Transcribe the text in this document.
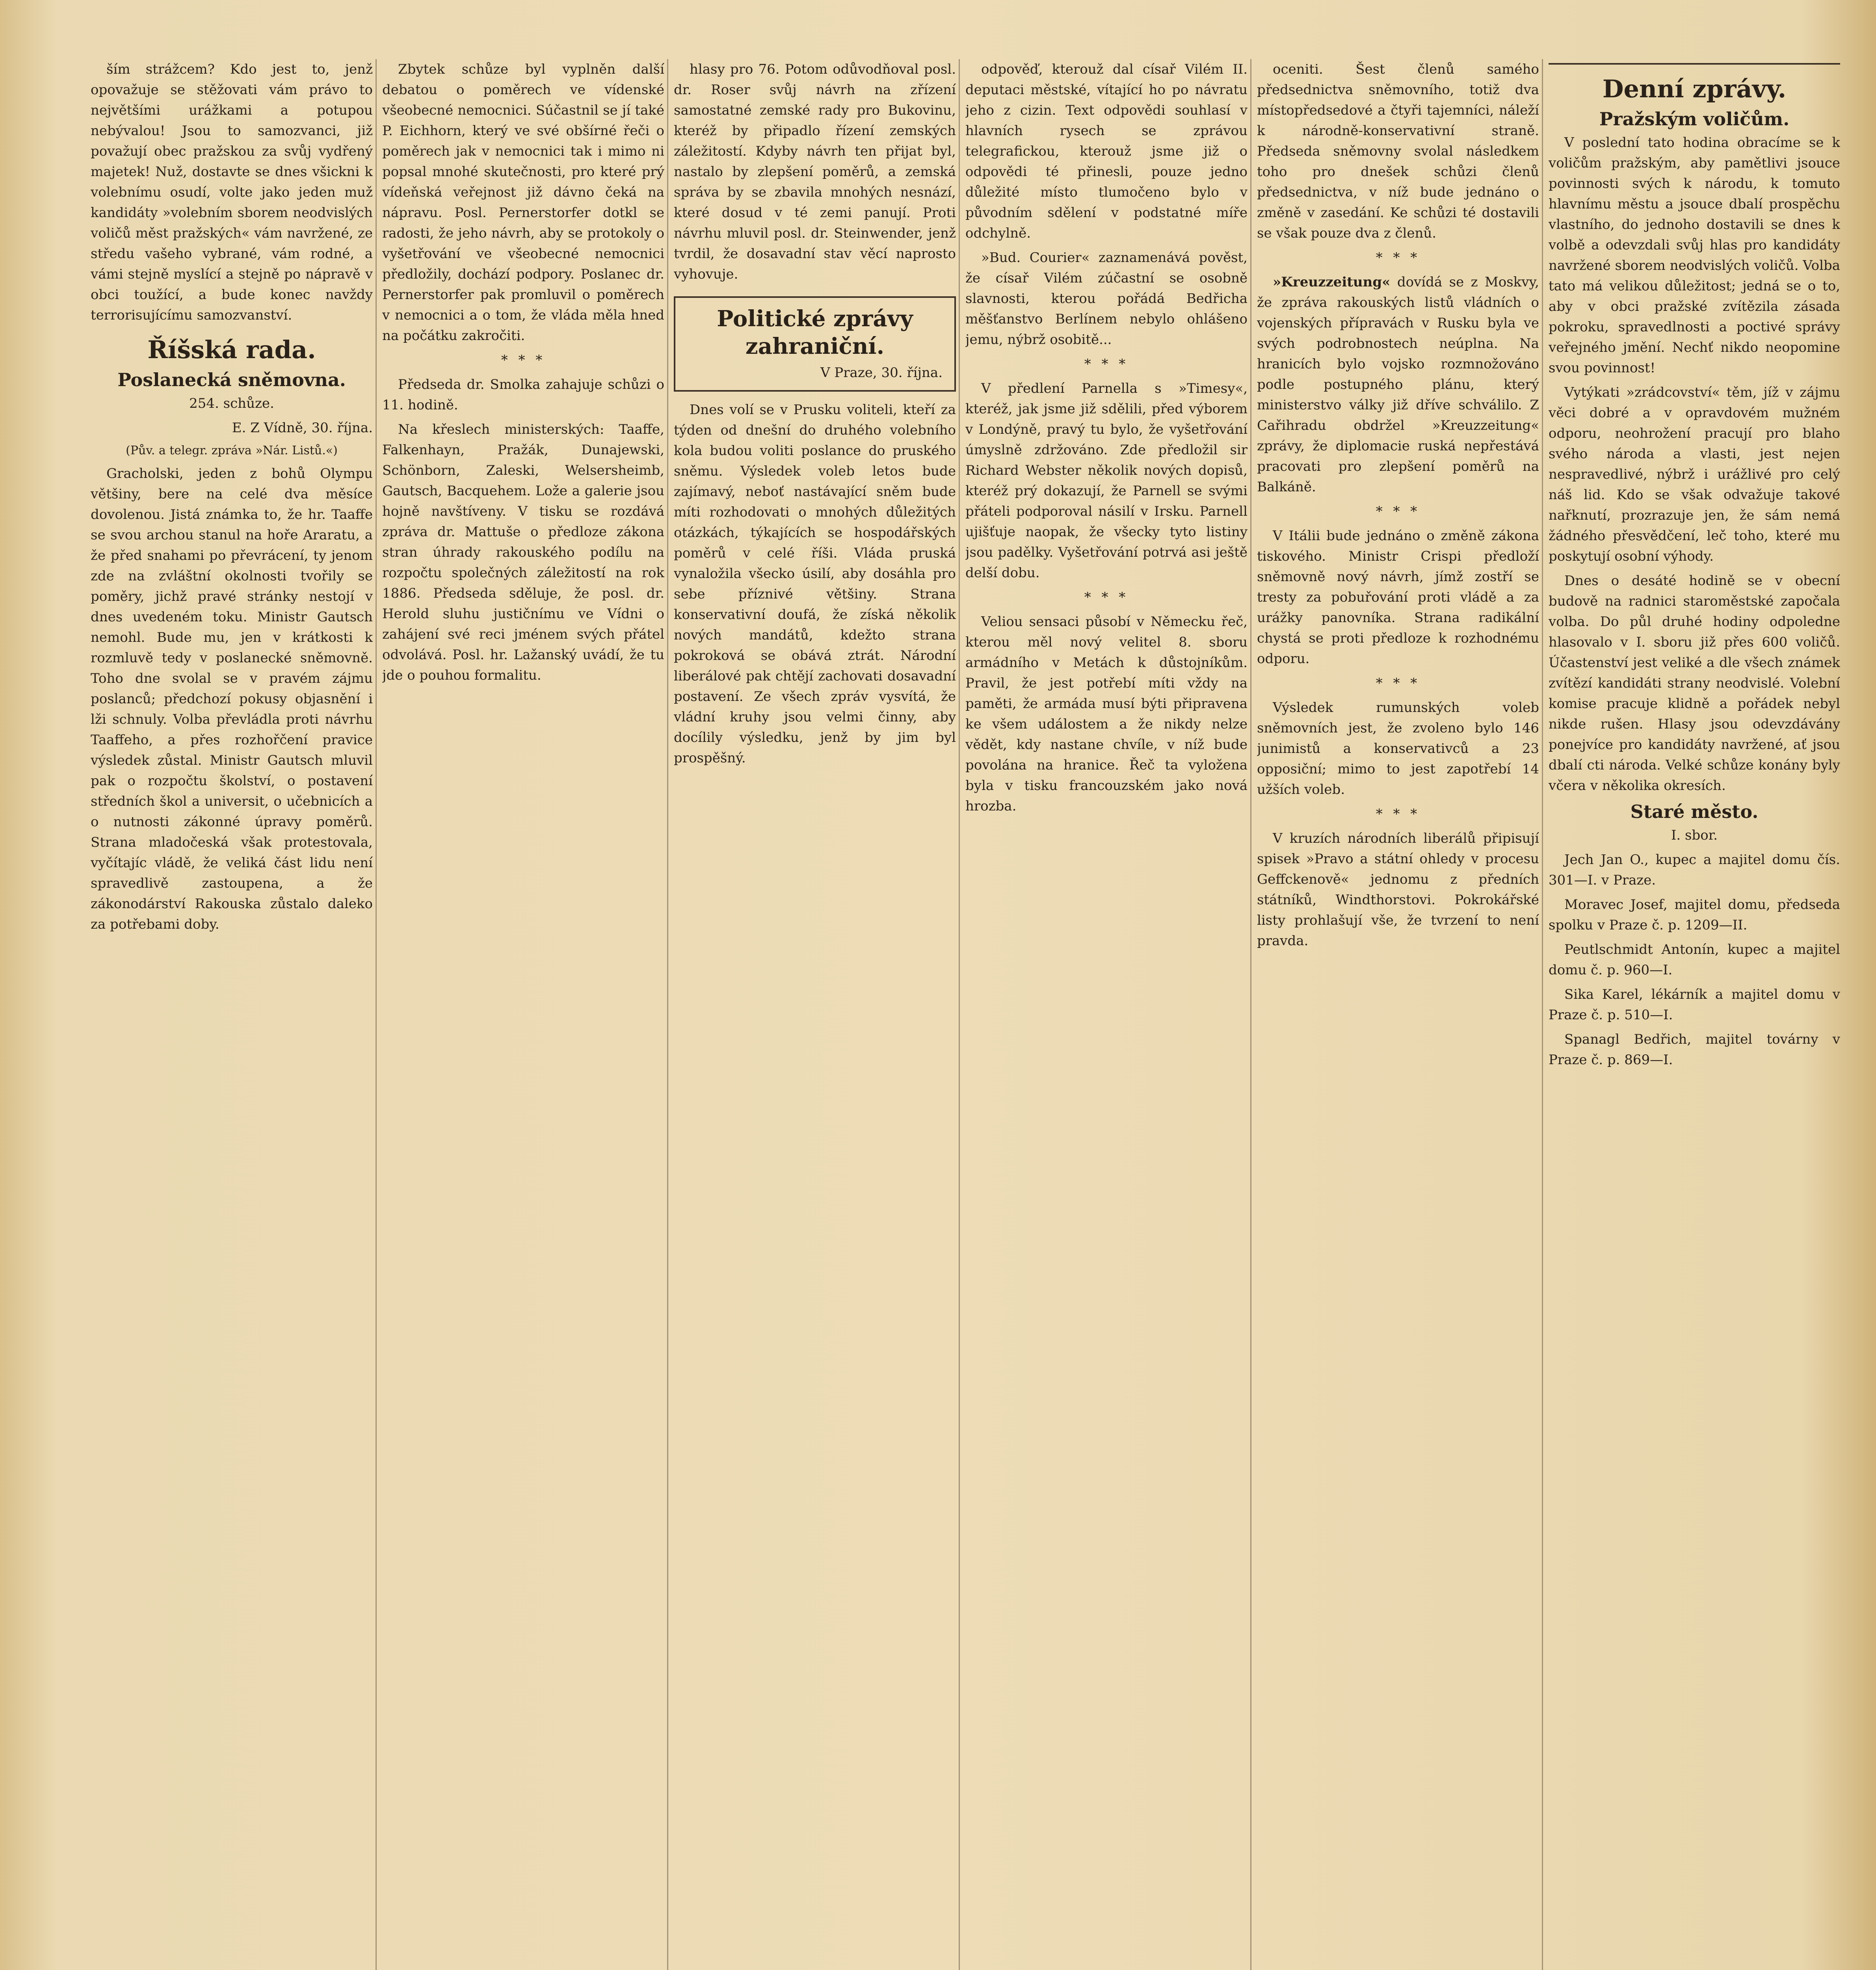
ším strážcem? Kdo jest to, jenž opovažuje se stěžovati vám právo to největšími urážkami a potupou nebývalou! Jsou to samozvanci, již považují obec pražskou za svůj vydřený majetek! Nuž, dostavte se dnes všickni k volebnímu osudí, volte jako jeden muž kandidáty »volebním sborem neodvislých voličů měst pražských« vám navržené, ze středu vašeho vybrané, vám rodné, a vámi stejně myslící a stejně po nápravě v obci toužící, a bude konec navždy terrorisujícímu samozvanství.

Říšská rada.
Poslanecká sněmovna.

254. schůze.

E. Z Vídně, 30. října.

(Pův. a telegr. zpráva »Nár. Listů.«)

Gracholski, jeden z bohů Olympu většiny, bere na celé dva měsíce dovolenou. Jistá známka to, že hr. Taaffe se svou archou stanul na hoře Araratu, a že před snahami po převrácení, ty jenom zde na zvláštní okolnosti tvořily se poměry, jichž pravé stránky nestojí v dnes uvedeném toku. Ministr Gautsch nemohl. Bude mu, jen v krátkosti k rozmluvě tedy v poslanecké sněmovně. Toho dne svolal se v pravém zájmu poslanců; předchozí pokusy objasnění i lži schnuly. Volba převládla proti návrhu Taaffeho, a přes rozhořčení pravice výsledek zůstal. Ministr Gautsch mluvil pak o rozpočtu školství, o postavení středních škol a universit, o učebnicích a o nutnosti zákonné úpravy poměrů. Strana mladočeská však protestovala, vyčítajíc vládě, že veliká část lidu není spravedlivě zastoupena, a že zákonodárství Rakouska zůstalo daleko za potřebami doby.

Zbytek schůze byl vyplněn další debatou o poměrech ve vídenské všeobecné nemocnici. Súčastnil se jí také P. Eichhorn, který ve své obšírné řeči o poměrech jak v nemocnici tak i mimo ni popsal mnohé skutečnosti, pro které prý vídeňská veřejnost již dávno čeká na nápravu. Posl. Pernerstorfer dotkl se radosti, že jeho návrh, aby se protokoly o vyšetřování ve všeobecné nemocnici předložily, dochází podpory. Poslanec dr. Pernerstorfer pak promluvil o poměrech v nemocnici a o tom, že vláda měla hned na počátku zakročiti.

* * *

Předseda dr. Smolka zahajuje schůzi o 11. hodině.

Na křeslech ministerských: Taaffe, Falkenhayn, Pražák, Dunajewski, Schönborn, Zaleski, Welsersheimb, Gautsch, Bacquehem. Lože a galerie jsou hojně navštíveny. V tisku se rozdává zpráva dr. Mattuše o předloze zákona stran úhrady rakouského podílu na rozpočtu společných záležitostí na rok 1886. Předseda sděluje, že posl. dr. Herold sluhu justičnímu ve Vídni o zahájení své reci jménem svých přátel odvolává. Posl. hr. Lažanský uvádí, že tu jde o pouhou formalitu.

hlasy pro 76. Potom odůvodňoval posl. dr. Roser svůj návrh na zřízení samostatné zemské rady pro Bukovinu, kteréž by připadlo řízení zemských záležitostí. Kdyby návrh ten přijat byl, nastalo by zlepšení poměrů, a zemská správa by se zbavila mnohých nesnází, které dosud v té zemi panují. Proti návrhu mluvil posl. dr. Steinwender, jenž tvrdil, že dosavadní stav věcí naprosto vyhovuje.

Politické zprávy zahraniční.

V Praze, 30. října.

Dnes volí se v Prusku voliteli, kteří za týden od dnešní do druhého volebního kola budou voliti poslance do pruského sněmu. Výsledek voleb letos bude zajímavý, neboť nastávající sněm bude míti rozhodovati o mnohých důležitých otázkách, týkajících se hospodářských poměrů v celé říši. Vláda pruská vynaložila všecko úsilí, aby dosáhla pro sebe příznivé většiny. Strana konservativní doufá, že získá několik nových mandátů, kdežto strana pokroková se obává ztrát. Národní liberálové pak chtějí zachovati dosavadní postavení. Ze všech zpráv vysvítá, že vládní kruhy jsou velmi činny, aby docílily výsledku, jenž by jim byl prospěšný.

odpověď, kterouž dal císař Vilém II. deputaci městské, vítající ho po návratu jeho z cizin. Text odpovědi souhlasí v hlavních rysech se zprávou telegrafickou, kterouž jsme již o odpovědi té přinesli, pouze jedno důležité místo tlumočeno bylo v původním sdělení v podstatné míře odchylně.

»Bud. Courier« zaznamenává pověst, že císař Vilém zúčastní se osobně slavnosti, kterou pořádá Bedřicha měšťanstvo Berlínem nebylo ohlášeno jemu, nýbrž osobitě...

* * *

V předlení Parnella s »Timesy«, kteréž, jak jsme již sdělili, před výborem v Londýně, pravý tu bylo, že vyšetřování úmyslně zdržováno. Zde předložil sir Richard Webster několik nových dopisů, kteréž prý dokazují, že Parnell se svými přáteli podporoval násilí v Irsku. Parnell ujišťuje naopak, že všecky tyto listiny jsou padělky. Vyšetřování potrvá asi ještě delší dobu.

* * *

Veliou sensaci působí v Německu řeč, kterou měl nový velitel 8. sboru armádního v Metách k důstojníkům. Pravil, že jest potřebí míti vždy na paměti, že armáda musí býti připravena ke všem událostem a že nikdy nelze vědět, kdy nastane chvíle, v níž bude povolána na hranice. Řeč ta vyložena byla v tisku francouzském jako nová hrozba.

oceniti. Šest členů samého předsednictva sněmovního, totiž dva místopředsedové a čtyři tajemníci, náleží k národně-konservativní straně. Předseda sněmovny svolal následkem toho pro dnešek schůzi členů předsednictva, v níž bude jednáno o změně v zasedání. Ke schůzi té dostavili se však pouze dva z členů.

* * *

»Kreuzzeitung« dovídá se z Moskvy, že zpráva rakouských listů vládních o vojenských přípravách v Rusku byla ve svých podrobnostech neúplna. Na hranicích bylo vojsko rozmnožováno podle postupného plánu, který ministerstvo války již dříve schválilo. Z Cařihradu obdržel »Kreuzzeitung« zprávy, že diplomacie ruská nepřestává pracovati pro zlepšení poměrů na Balkáně.

* * *

V Itálii bude jednáno o změně zákona tiskového. Ministr Crispi předloží sněmovně nový návrh, jímž zostří se tresty za pobuřování proti vládě a za urážky panovníka. Strana radikální chystá se proti předloze k rozhodnému odporu.

* * *

Výsledek rumunských voleb sněmovních jest, že zvoleno bylo 146 junimistů a konservativců a 23 opposiční; mimo to jest zapotřebí 14 užších voleb.

* * *

V kruzích národních liberálů připisují spisek »Pravo a státní ohledy v procesu Geffckenově« jednomu z předních státníků, Windthorstovi. Pokrokářské listy prohlašují vše, že tvrzení to není pravda.

Denní zprávy.
Pražským voličům.

V poslední tato hodina obracíme se k voličům pražským, aby pamětlivi jsouce povinnosti svých k národu, k tomuto hlavnímu městu a jsouce dbalí prospěchu vlastního, do jednoho dostavili se dnes k volbě a odevzdali svůj hlas pro kandidáty navržené sborem neodvislých voličů. Volba tato má velikou důležitost; jedná se o to, aby v obci pražské zvítězila zásada pokroku, spravedlnosti a poctivé správy veřejného jmění. Nechť nikdo neopomine svou povinnost!

Vytýkati »zrádcovství« těm, jíž v zájmu věci dobré a v opravdovém mužném odporu, neohrožení pracují pro blaho svého národa a vlasti, jest nejen nespravedlivé, nýbrž i urážlivé pro celý náš lid. Kdo se však odvažuje takové nařknutí, prozrazuje jen, že sám nemá žádného přesvědčení, leč toho, které mu poskytují osobní výhody.

Dnes o desáté hodině se v obecní budově na radnici staroměstské započala volba. Do půl druhé hodiny odpoledne hlasovalo v I. sboru již přes 600 voličů. Účastenství jest veliké a dle všech známek zvítězí kandidáti strany neodvislé. Volební komise pracuje klidně a pořádek nebyl nikde rušen. Hlasy jsou odevzdávány ponejvíce pro kandidáty navržené, ať jsou dbalí cti národa. Velké schůze konány byly včera v několika okresích.

Staré město.

I. sbor.

Jech Jan O., kupec a majitel domu čís. 301—I. v Praze.

Moravec Josef, majitel domu, předseda spolku v Praze č. p. 1209—II.

Peutlschmidt Antonín, kupec a majitel domu č. p. 960—I.

Sika Karel, lékárník a majitel domu v Praze č. p. 510—I.

Spanagl Bedřich, majitel továrny v Praze č. p. 869—I.
